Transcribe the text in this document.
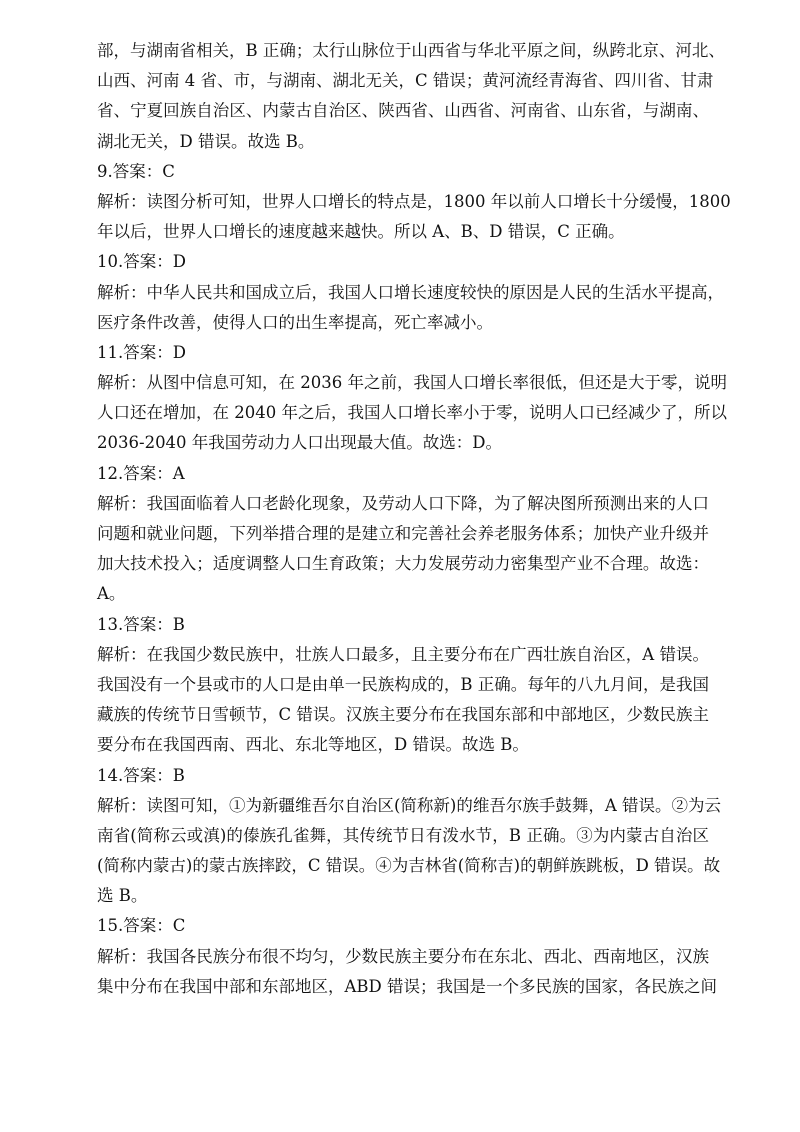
部，与湖南省相关，B 正确；太行山脉位于山西省与华北平原之间，纵跨北京、河北、
山西、河南 4 省、市，与湖南、湖北无关，C 错误；黄河流经青海省、四川省、甘肃
省、宁夏回族自治区、内蒙古自治区、陕西省、山西省、河南省、山东省，与湖南、
湖北无关，D 错误。故选 B。
9.答案：C
解析：读图分析可知，世界人口增长的特点是，1800 年以前人口增长十分缓慢，1800
年以后，世界人口增长的速度越来越快。所以 A、B、D 错误，C 正确。
10.答案：D
解析：中华人民共和国成立后，我国人口增长速度较快的原因是人民的生活水平提高，
医疗条件改善，使得人口的出生率提高，死亡率减小。
11.答案：D
解析：从图中信息可知，在 2036 年之前，我国人口增长率很低，但还是大于零，说明
人口还在增加，在 2040 年之后，我国人口增长率小于零，说明人口已经减少了，所以
2036-2040 年我国劳动力人口出现最大值。故选：D。
12.答案：A
解析：我国面临着人口老龄化现象，及劳动人口下降，为了解决图所预测出来的人口
问题和就业问题，下列举措合理的是建立和完善社会养老服务体系；加快产业升级并
加大技术投入；适度调整人口生育政策；大力发展劳动力密集型产业不合理。故选：
A。
13.答案：B
解析：在我国少数民族中，壮族人口最多，且主要分布在广西壮族自治区，A 错误。
我国没有一个县或市的人口是由单一民族构成的，B 正确。每年的八九月间，是我国
藏族的传统节日雪顿节，C 错误。汉族主要分布在我国东部和中部地区，少数民族主
要分布在我国西南、西北、东北等地区，D 错误。故选 B。
14.答案：B
解析：读图可知，①为新疆维吾尔自治区(简称新)的维吾尔族手鼓舞，A 错误。②为云
南省(简称云或滇)的傣族孔雀舞，其传统节日有泼水节，B 正确。③为内蒙古自治区
(简称内蒙古)的蒙古族摔跤，C 错误。④为吉林省(简称吉)的朝鲜族跳板，D 错误。故
选 B。
15.答案：C
解析：我国各民族分布很不均匀，少数民族主要分布在东北、西北、西南地区，汉族
集中分布在我国中部和东部地区，ABD 错误；我国是一个多民族的国家，各民族之间
